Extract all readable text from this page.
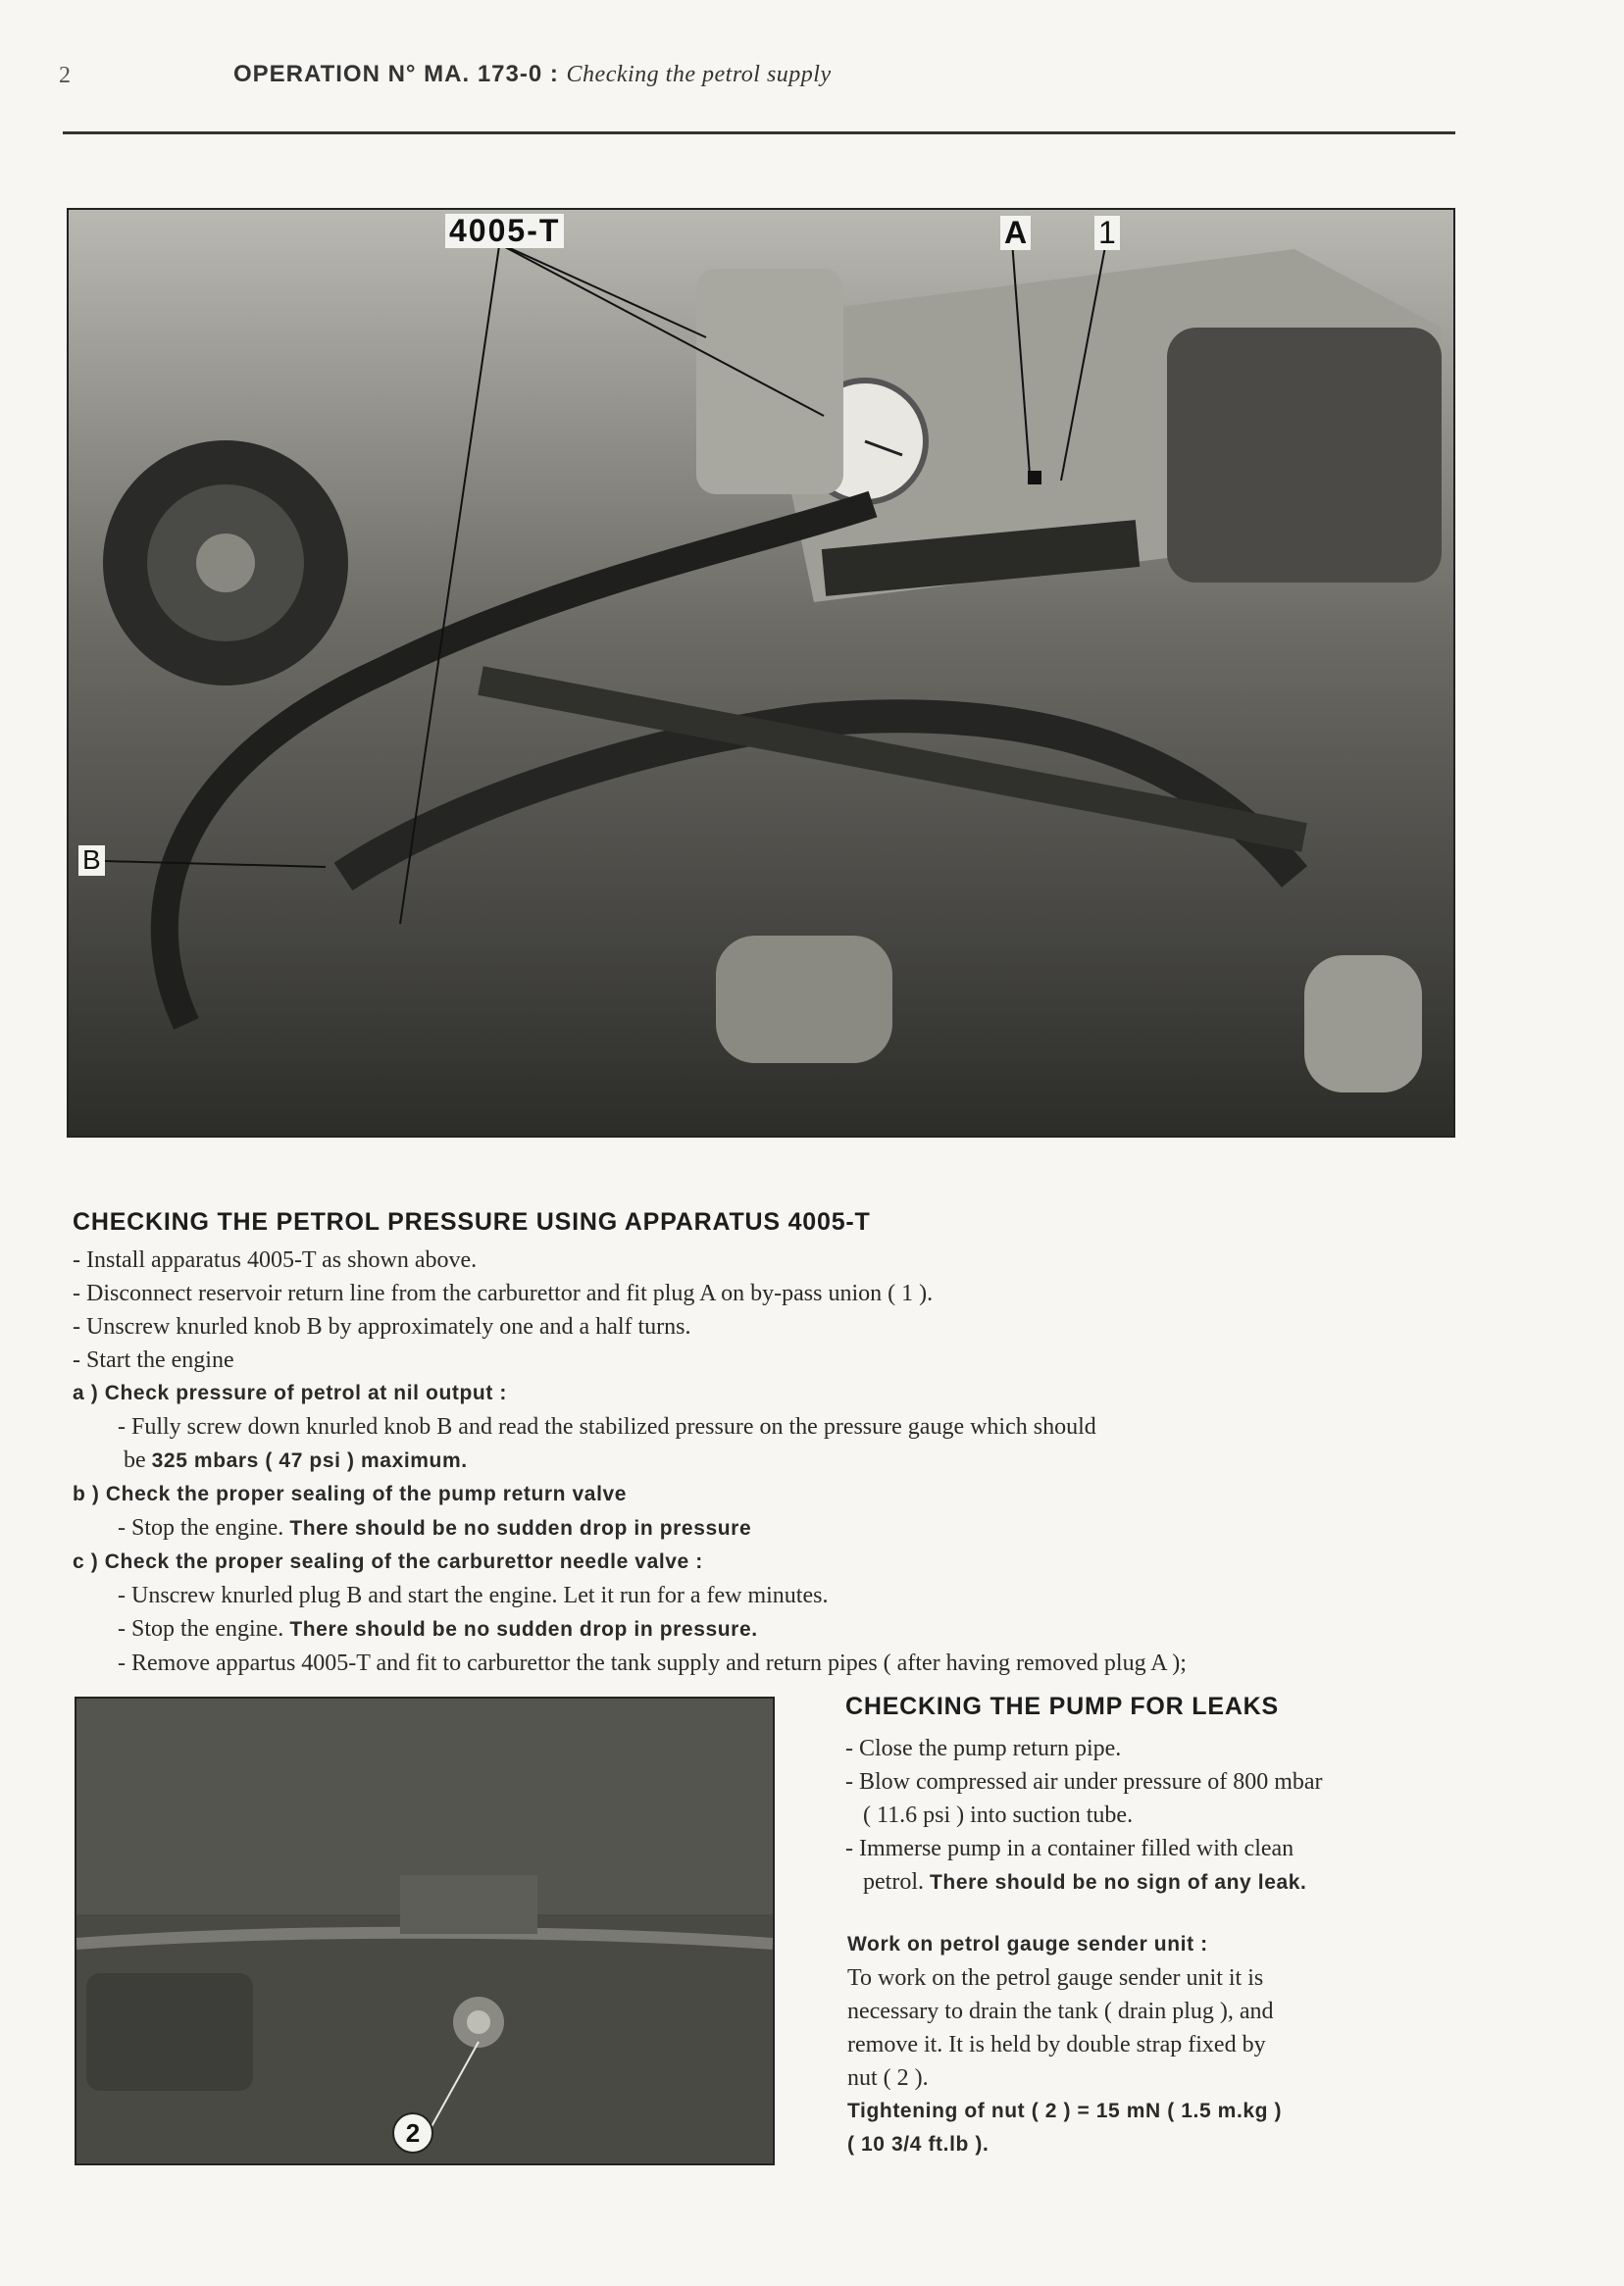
2	OPERATION N° MA. 173-0 : Checking the petrol supply
4005-T	A 1
B
CHECKING THE PETROL PRESSURE USING APPARATUS 4005-T

- Install apparatus 4005-T as shown above.

- Disconnect reservoir return line from the carburettor and fit plug A on by-pass union ( 1 ).

- Unscrew knurled knob B by approximately one and a half turns.

- Start the engine

a ) Check pressure of petrol at nil output :

- Fully screw down knurled knob B and read the stabilized pressure on the pressure gauge which should

be 325 mbars ( 47 psi ) maximum.

b ) Check the proper sealing of the pump return valve

- Stop the engine. There should be no sudden drop in pressure

c ) Check the proper sealing of the carburettor needle valve :

- Unscrew knurled plug B and start the engine. Let it run for a few minutes.

- Stop the engine. There should be no sudden drop in pressure.

- Remove appartus 4005-T and fit to carburettor the tank supply and return pipes ( after having removed plug A );

2
CHECKING THE PUMP FOR LEAKS

- Close the pump return pipe.

- Blow compressed air under pressure of 800 mbar

( 11.6 psi ) into suction tube.

- Immerse pump in a container filled with clean

petrol. There should be no sign of any leak.

Work on petrol gauge sender unit :

To work on the petrol gauge sender unit it is

necessary to drain the tank ( drain plug ), and

remove it. It is held by double strap fixed by

nut ( 2 ).

Tightening of nut ( 2 ) = 15 mN ( 1.5 m.kg )

( 10 3/4 ft.lb ).
